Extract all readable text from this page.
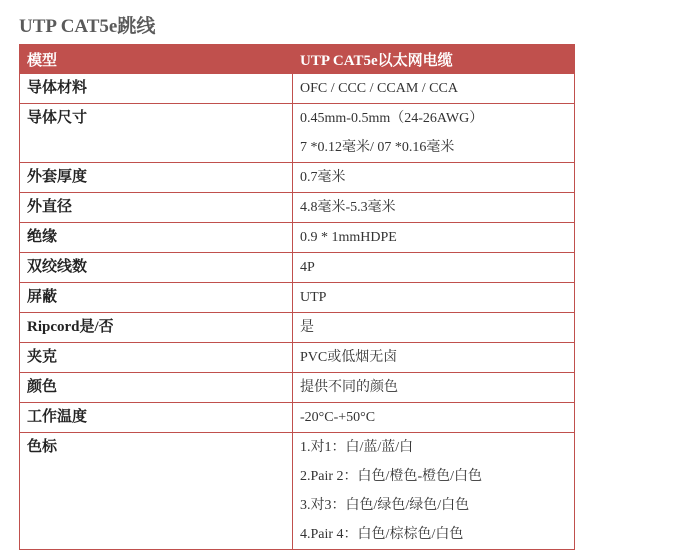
UTP CAT5e跳线
模型	UTP CAT5e以太网电缆

导体材料	OFC / CCC / CCAM / CCA

导体尺寸	0.45mm-0.5mm（24-26AWG）
7 *0.12毫米/ 07 *0.16毫米

外套厚度	0.7毫米

外直径	4.8毫米-5.3毫米

绝缘	0.9 * 1mmHDPE

双绞线数	4P

屏蔽	UTP

Ripcord是/否	是

夹克	PVC或低烟无卤

颜色	提供不同的颜色

工作温度	-20°C-+50°C

色标	1.对1：白/蓝/蓝/白
2.Pair 2：白色/橙色-橙色/白色
3.对3：白色/绿色/绿色/白色
4.Pair 4：白色/棕棕色/白色
